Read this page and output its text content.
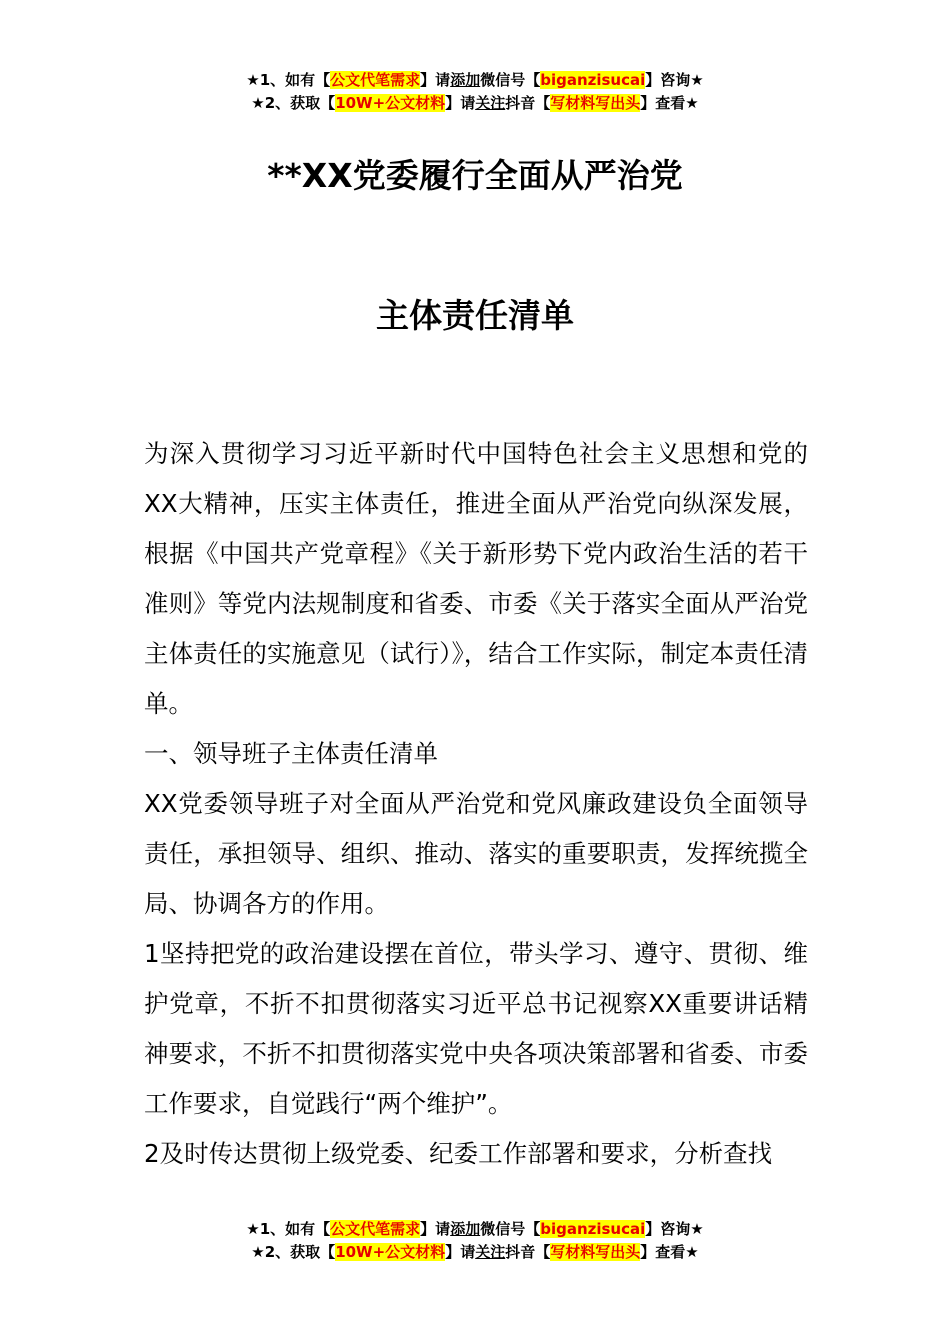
★1、如有【公文代笔需求】请添加微信号【biganzisucai】咨询★
★2、获取【10W+公文材料】请关注抖音【写材料写出头】查看★
**XX党委履行全面从严治党
主体责任清单

为深入贯彻学习习近平新时代中国特色社会主义思想和党的XX大精神，压实主体责任，推进全面从严治党向纵深发展，根据《中国共产党章程》《关于新形势下党内政治生活的若干准则》等党内法规制度和省委、市委《关于落实全面从严治党主体责任的实施意见（试行）》，结合工作实际，制定本责任清单。

一、领导班子主体责任清单

XX党委领导班子对全面从严治党和党风廉政建设负全面领导责任，承担领导、组织、推动、落实的重要职责，发挥统揽全局、协调各方的作用。

1坚持把党的政治建设摆在首位，带头学习、遵守、贯彻、维护党章，不折不扣贯彻落实习近平总书记视察XX重要讲话精神要求，不折不扣贯彻落实党中央各项决策部署和省委、市委工作要求，自觉践行“两个维护”。

2及时传达贯彻上级党委、纪委工作部署和要求，分析查找

★1、如有【公文代笔需求】请添加微信号【biganzisucai】咨询★
★2、获取【10W+公文材料】请关注抖音【写材料写出头】查看★
